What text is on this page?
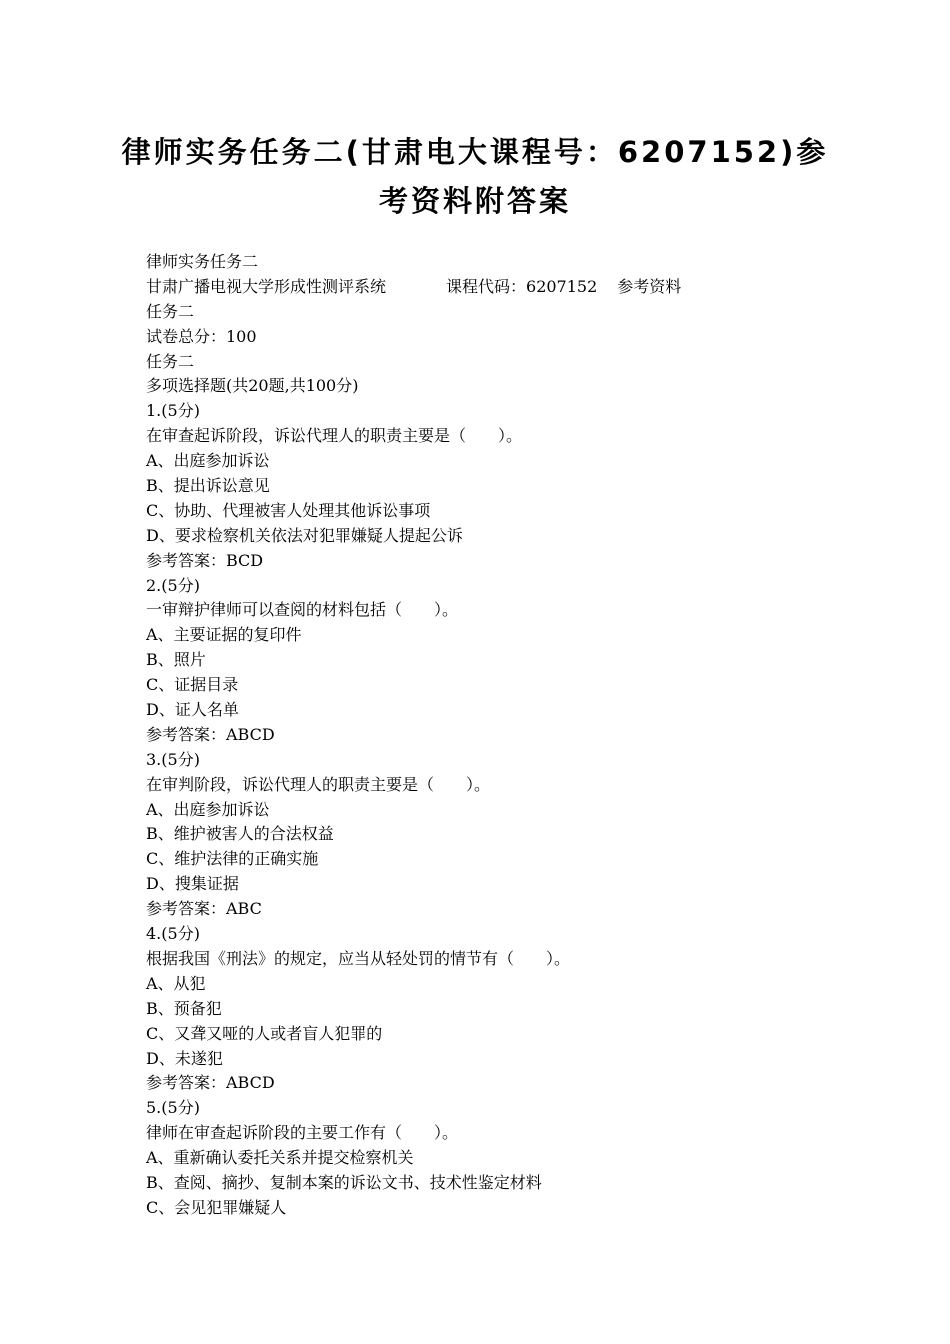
律师实务任务二(甘肃电大课程号：6207152)参
考资料附答案
律师实务任务二
甘肃广播电视大学形成性测评系统	课程代码：6207152 参考资料
任务二
试卷总分：100
任务二
多项选择题(共20题,共100分)
1.(5分)
在审查起诉阶段，诉讼代理人的职责主要是（　　）。
A、出庭参加诉讼
B、提出诉讼意见
C、协助、代理被害人处理其他诉讼事项
D、要求检察机关依法对犯罪嫌疑人提起公诉
参考答案：BCD
2.(5分)
一审辩护律师可以查阅的材料包括（　　）。
A、主要证据的复印件
B、照片
C、证据目录
D、证人名单
参考答案：ABCD
3.(5分)
在审判阶段，诉讼代理人的职责主要是（　　）。
A、出庭参加诉讼
B、维护被害人的合法权益
C、维护法律的正确实施
D、搜集证据
参考答案：ABC
4.(5分)
根据我国《刑法》的规定，应当从轻处罚的情节有（　　）。
A、从犯
B、预备犯
C、又聋又哑的人或者盲人犯罪的
D、未遂犯
参考答案：ABCD
5.(5分)
律师在审查起诉阶段的主要工作有（　　）。
A、重新确认委托关系并提交检察机关
B、查阅、摘抄、复制本案的诉讼文书、技术性鉴定材料
C、会见犯罪嫌疑人
